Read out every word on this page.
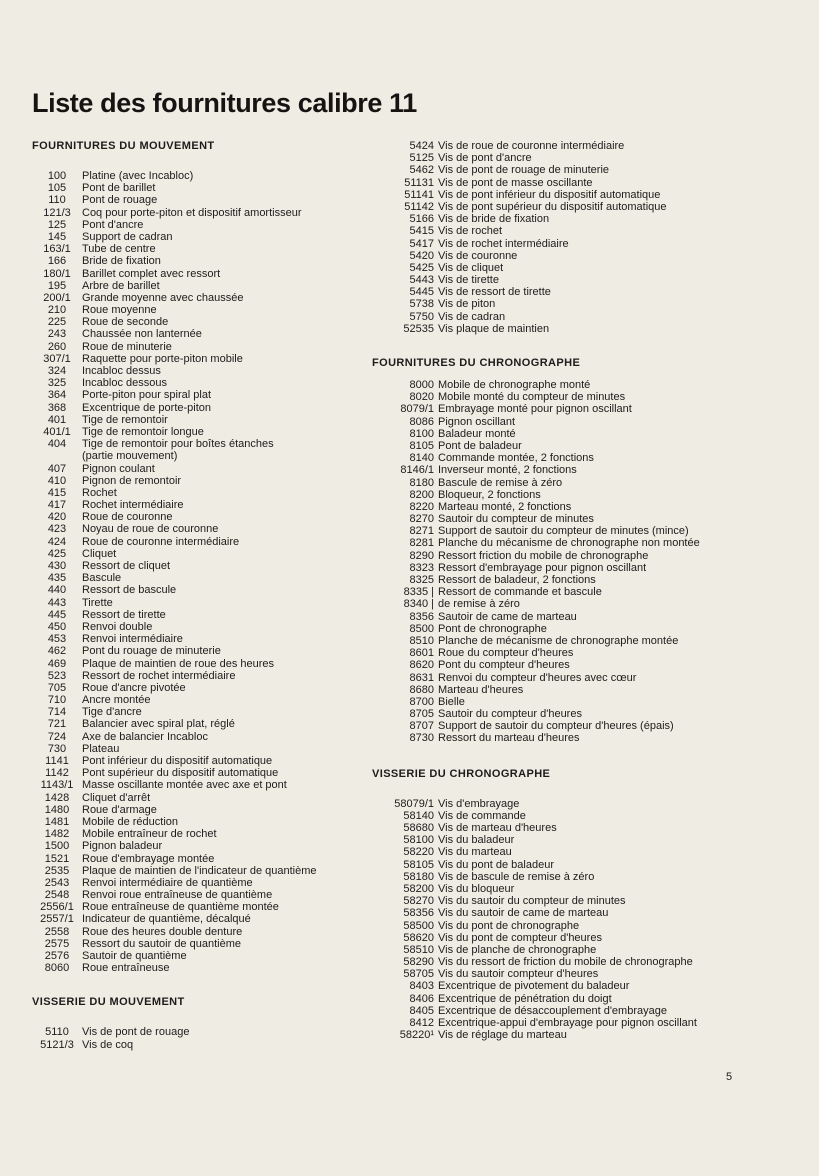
Liste des fournitures calibre 11
FOURNITURES DU MOUVEMENT
100	Platine (avec Incabloc)
105	Pont de barillet
110	Pont de rouage
121/3	Coq pour porte-piton et dispositif amortisseur
125	Pont d'ancre
145	Support de cadran
163/1	Tube de centre
166	Bride de fixation
180/1	Barillet complet avec ressort
195	Arbre de barillet
200/1	Grande moyenne avec chaussée
210	Roue moyenne
225	Roue de seconde
243	Chaussée non lanternée
260	Roue de minuterie
307/1	Raquette pour porte-piton mobile
324	Incabloc dessus
325	Incabloc dessous
364	Porte-piton pour spiral plat
368	Excentrique de porte-piton
401	Tige de remontoir
401/1	Tige de remontoir longue
404	Tige de remontoir pour boîtes étanches
(partie mouvement)
407	Pignon coulant
410	Pignon de remontoir
415	Rochet
417	Rochet intermédiaire
420	Roue de couronne
423	Noyau de roue de couronne
424	Roue de couronne intermédiaire
425	Cliquet
430	Ressort de cliquet
435	Bascule
440	Ressort de bascule
443	Tirette
445	Ressort de tirette
450	Renvoi double
453	Renvoi intermédiaire
462	Pont du rouage de minuterie
469	Plaque de maintien de roue des heures
523	Ressort de rochet intermédiaire
705	Roue d'ancre pivotée
710	Ancre montée
714	Tige d'ancre
721	Balancier avec spiral plat, réglé
724	Axe de balancier Incabloc
730	Plateau
1141	Pont inférieur du dispositif automatique
1142	Pont supérieur du dispositif automatique
1143/1 Masse oscillante montée avec axe et pont
1428	Cliquet d'arrêt
1480	Roue d'armage
1481	Mobile de réduction
1482	Mobile entraîneur de rochet
1500	Pignon baladeur
1521	Roue d'embrayage montée
2535	Plaque de maintien de l'indicateur de quantième
2543	Renvoi intermédiaire de quantième
2548	Renvoi roue entraîneuse de quantième
2556/1 Roue entraîneuse de quantième montée
2557/1 Indicateur de quantième, décalqué
2558	Roue des heures double denture
2575	Ressort du sautoir de quantième
2576	Sautoir de quantième
8060	Roue entraîneuse
VISSERIE DU MOUVEMENT
5110	Vis de pont de rouage
5121/3 Vis de coq
5424 Vis de roue de couronne intermédiaire
5125 Vis de pont d'ancre
5462 Vis de pont de rouage de minuterie
51131 Vis de pont de masse oscillante
51141 Vis de pont inférieur du dispositif automatique
51142 Vis de pont supérieur du dispositif automatique
5166 Vis de bride de fixation
5415 Vis de rochet
5417 Vis de rochet intermédiaire
5420 Vis de couronne
5425 Vis de cliquet
5443 Vis de tirette
5445 Vis de ressort de tirette
5738 Vis de piton
5750 Vis de cadran
52535 Vis plaque de maintien
FOURNITURES DU CHRONOGRAPHE
8000 Mobile de chronographe monté
8020 Mobile monté du compteur de minutes
8079/1 Embrayage monté pour pignon oscillant
8086 Pignon oscillant
8100 Baladeur monté
8105 Pont de baladeur
8140 Commande montée, 2 fonctions
8146/1 Inverseur monté, 2 fonctions
8180 Bascule de remise à zéro
8200 Bloqueur, 2 fonctions
8220 Marteau monté, 2 fonctions
8270 Sautoir du compteur de minutes
8271 Support de sautoir du compteur de minutes (mince)
8281 Planche du mécanisme de chronographe non montée
8290 Ressort friction du mobile de chronographe
8323 Ressort d'embrayage pour pignon oscillant
8325 Ressort de baladeur, 2 fonctions
8335 | Ressort de commande et bascule
8340 | de remise à zéro
8356 Sautoir de came de marteau
8500 Pont de chronographe
8510 Planche de mécanisme de chronographe montée
8601 Roue du compteur d'heures
8620 Pont du compteur d'heures
8631 Renvoi du compteur d'heures avec cœur
8680 Marteau d'heures
8700 Bielle
8705 Sautoir du compteur d'heures
8707 Support de sautoir du compteur d'heures (épais)
8730 Ressort du marteau d'heures
VISSERIE DU CHRONOGRAPHE
58079/1 Vis d'embrayage
58140 Vis de commande
58680 Vis de marteau d'heures
58100 Vis du baladeur
58220 Vis du marteau
58105 Vis du pont de baladeur
58180 Vis de bascule de remise à zéro
58200 Vis du bloqueur
58270 Vis du sautoir du compteur de minutes
58356 Vis du sautoir de came de marteau
58500 Vis du pont de chronographe
58620 Vis du pont de compteur d'heures
58510 Vis de planche de chronographe
58290 Vis du ressort de friction du mobile de chronographe
58705 Vis du sautoir compteur d'heures
8403 Excentrique de pivotement du baladeur
8406 Excentrique de pénétration du doigt
8405 Excentrique de désaccouplement d'embrayage
8412 Excentrique-appui d'embrayage pour pignon oscillant
58220¹ Vis de réglage du marteau
5
